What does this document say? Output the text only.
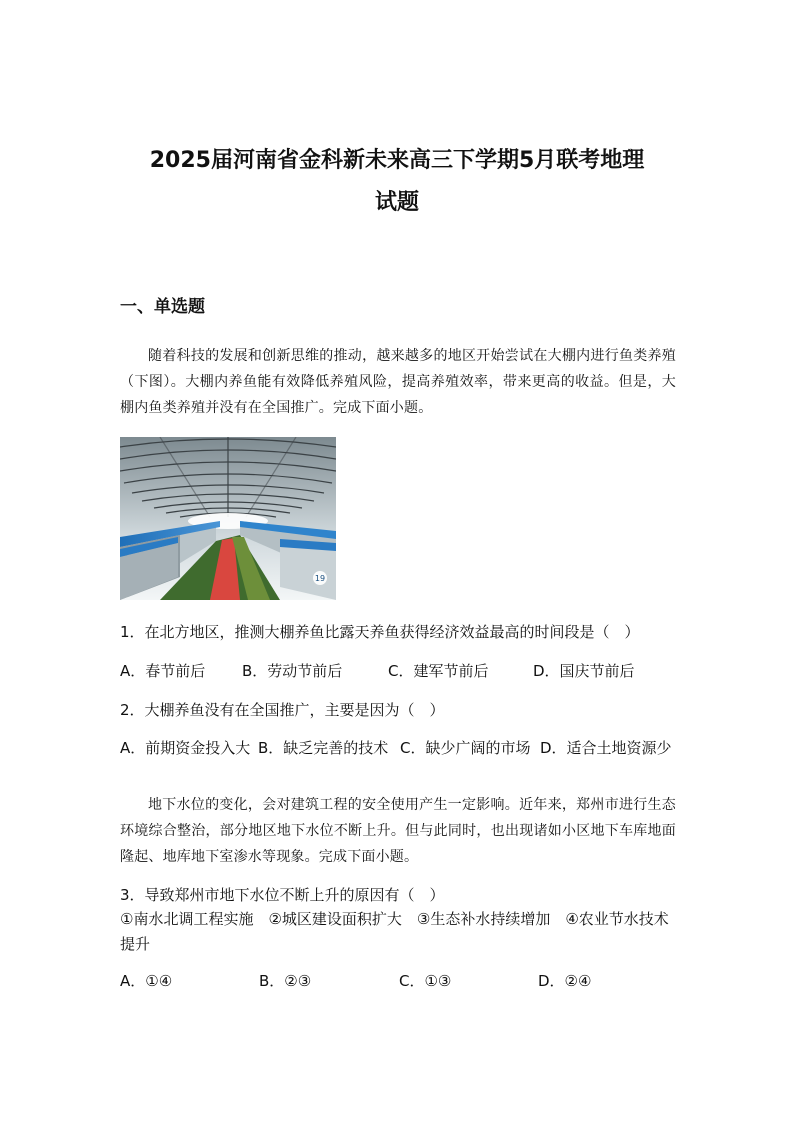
2025届河南省金科新未来高三下学期5月联考地理
试题
一、单选题

随着科技的发展和创新思维的推动，越来越多的地区开始尝试在大棚内进行鱼类养殖（下图）。大棚内养鱼能有效降低养殖风险，提高养殖效率，带来更高的收益。但是，大棚内鱼类养殖并没有在全国推广。完成下面小题。

19

1．在北方地区，推测大棚养鱼比露天养鱼获得经济效益最高的时间段是（　）

A．春节前后 B．劳动节前后	C．建军节前后	D．国庆节前后

2．大棚养鱼没有在全国推广，主要是因为（　）

A．前期资金投入大 B．缺乏完善的技术 C．缺少广阔的市场 D．适合土地资源少

地下水位的变化，会对建筑工程的安全使用产生一定影响。近年来，郑州市进行生态环境综合整治，部分地区地下水位不断上升。但与此同时，也出现诸如小区地下车库地面隆起、地库地下室渗水等现象。完成下面小题。

3．导致郑州市地下水位不断上升的原因有（　）

①南水北调工程实施　②城区建设面积扩大　③生态补水持续增加　④农业节水技术提升

A．①④	B．②③	C．①③	D．②④
